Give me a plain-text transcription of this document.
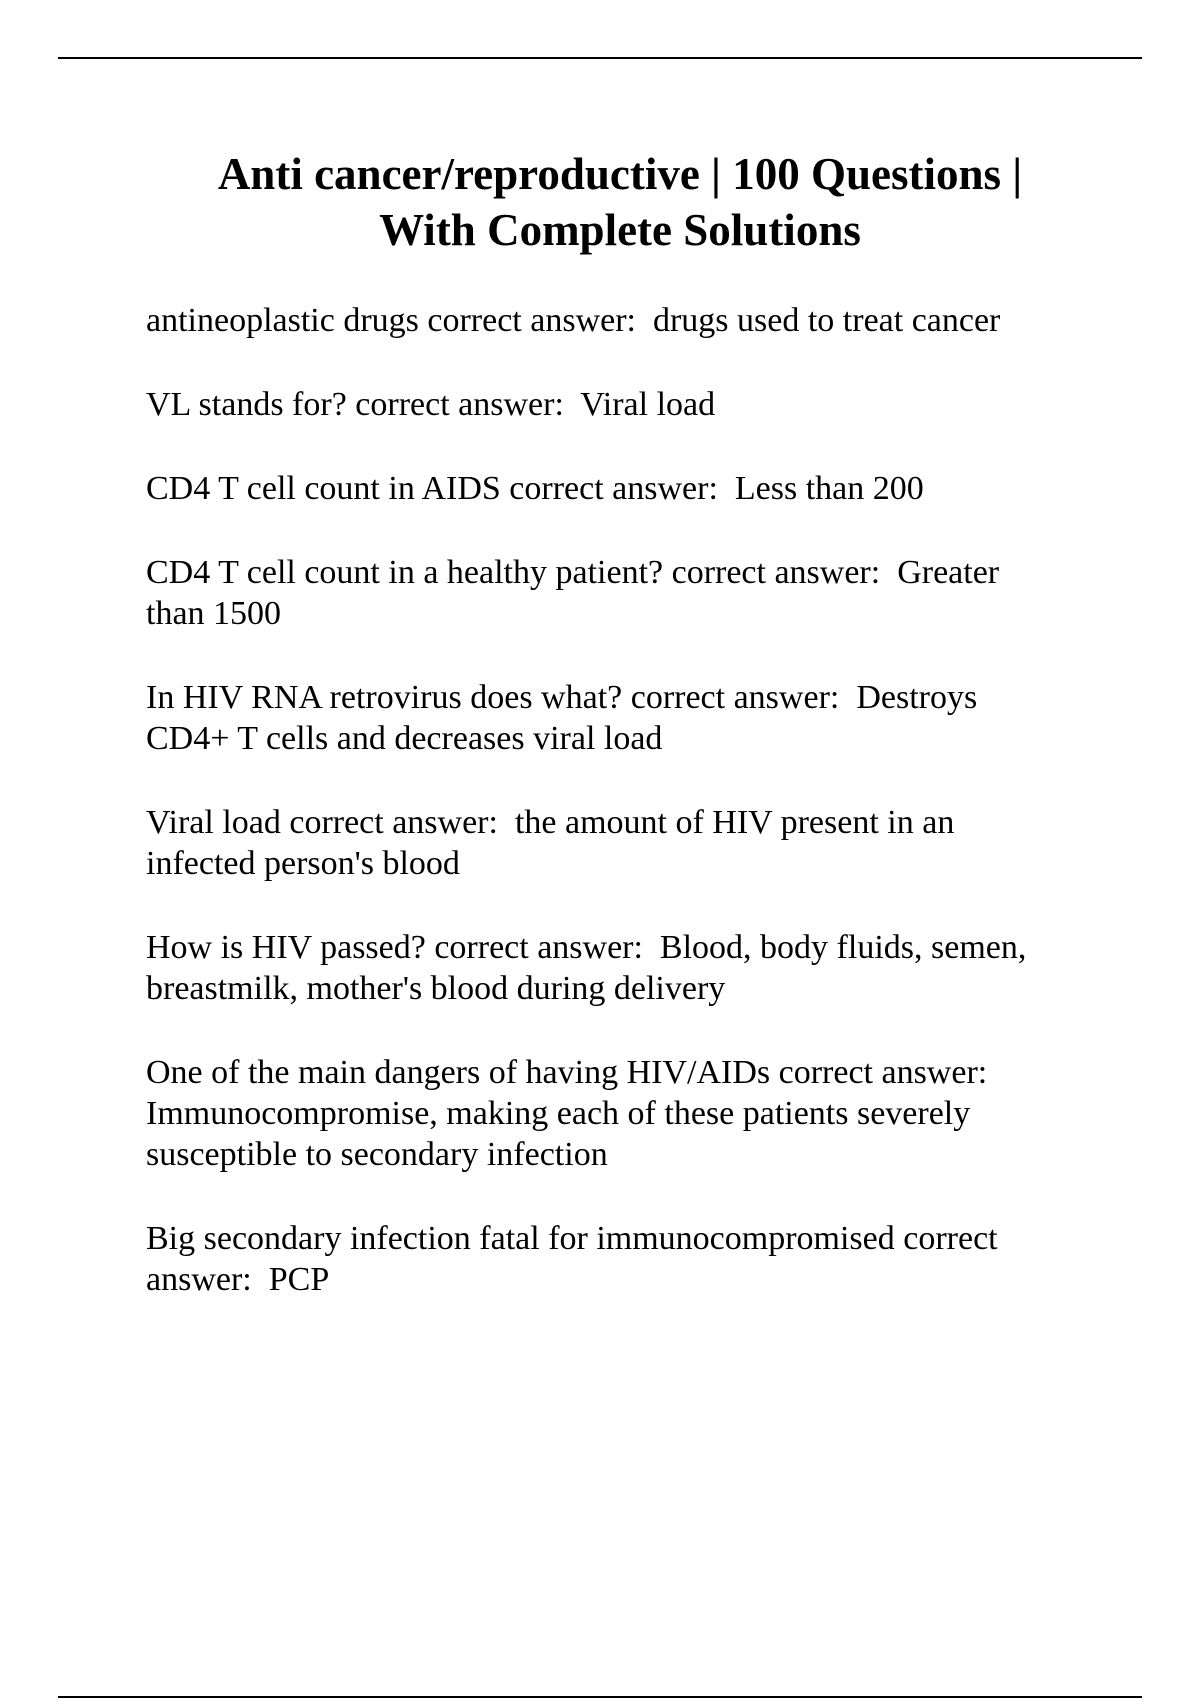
Anti cancer/reproductive | 100 Questions |
With Complete Solutions

antineoplastic drugs correct answer:  drugs used to treat cancer

VL stands for? correct answer:  Viral load

CD4 T cell count in AIDS correct answer:  Less than 200

CD4 T cell count in a healthy patient? correct answer:  Greater
than 1500

In HIV RNA retrovirus does what? correct answer:  Destroys
CD4+ T cells and decreases viral load

Viral load correct answer:  the amount of HIV present in an
infected person's blood

How is HIV passed? correct answer:  Blood, body fluids, semen,
breastmilk, mother's blood during delivery

One of the main dangers of having HIV/AIDs correct answer:
Immunocompromise, making each of these patients severely
susceptible to secondary infection

Big secondary infection fatal for immunocompromised correct
answer:  PCP
